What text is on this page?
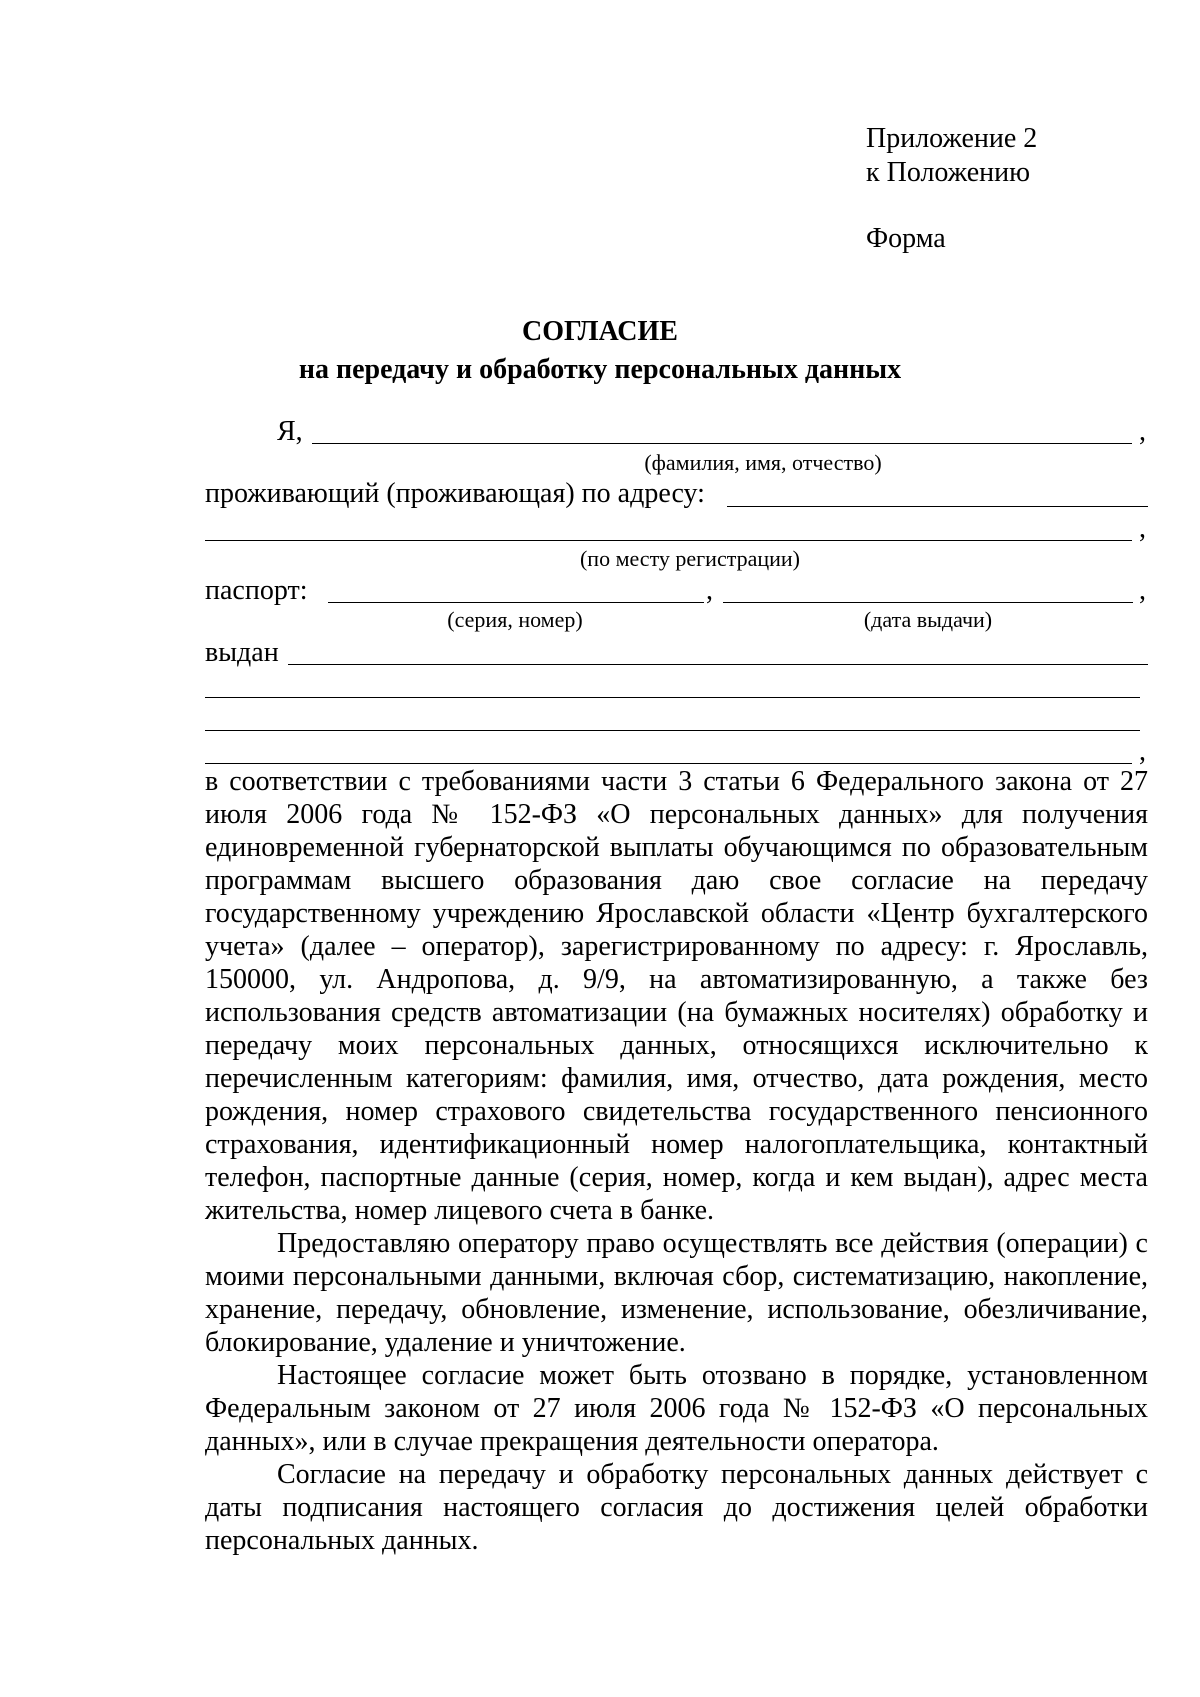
Приложение 2
к Положению
Форма
СОГЛАСИЕ
на передачу и обработку персональных данных
Я,	,
(фамилия, имя, отчество)
проживающий (проживающая) по адресу:
,
(по месту регистрации)
паспорт:	,	,
(серия, номер)	(дата выдачи)
выдан
,

в соответствии с требованиями части 3 статьи 6 Федерального закона от 27 июля 2006 года № 152-ФЗ «О персональных данных» для получения единовременной губернаторской выплаты обучающимся по образовательным программам высшего образования даю свое согласие на передачу государственному учреждению Ярославской области «Центр бухгалтерского учета» (далее – оператор), зарегистрированному по адресу: г. Ярославль, 150000, ул. Андропова, д. 9/9, на автоматизированную, а также без использования средств автоматизации (на бумажных носителях) обработку и передачу моих персональных данных, относящихся исключительно к перечисленным категориям: фамилия, имя, отчество, дата рождения, место рождения, номер страхового свидетельства государственного пенсионного страхования, идентификационный номер налогоплательщика, контактный телефон, паспортные данные (серия, номер, когда и кем выдан), адрес места жительства, номер лицевого счета в банке.

Предоставляю оператору право осуществлять все действия (операции) с моими персональными данными, включая сбор, систематизацию, накопление, хранение, передачу, обновление, изменение, использование, обезличивание, блокирование, удаление и уничтожение.

Настоящее согласие может быть отозвано в порядке, установленном Федеральным законом от 27 июля 2006 года № 152-ФЗ «О персональных данных», или в случае прекращения деятельности оператора.

Согласие на передачу и обработку персональных данных действует с даты подписания настоящего согласия до достижения целей обработки персональных данных.
